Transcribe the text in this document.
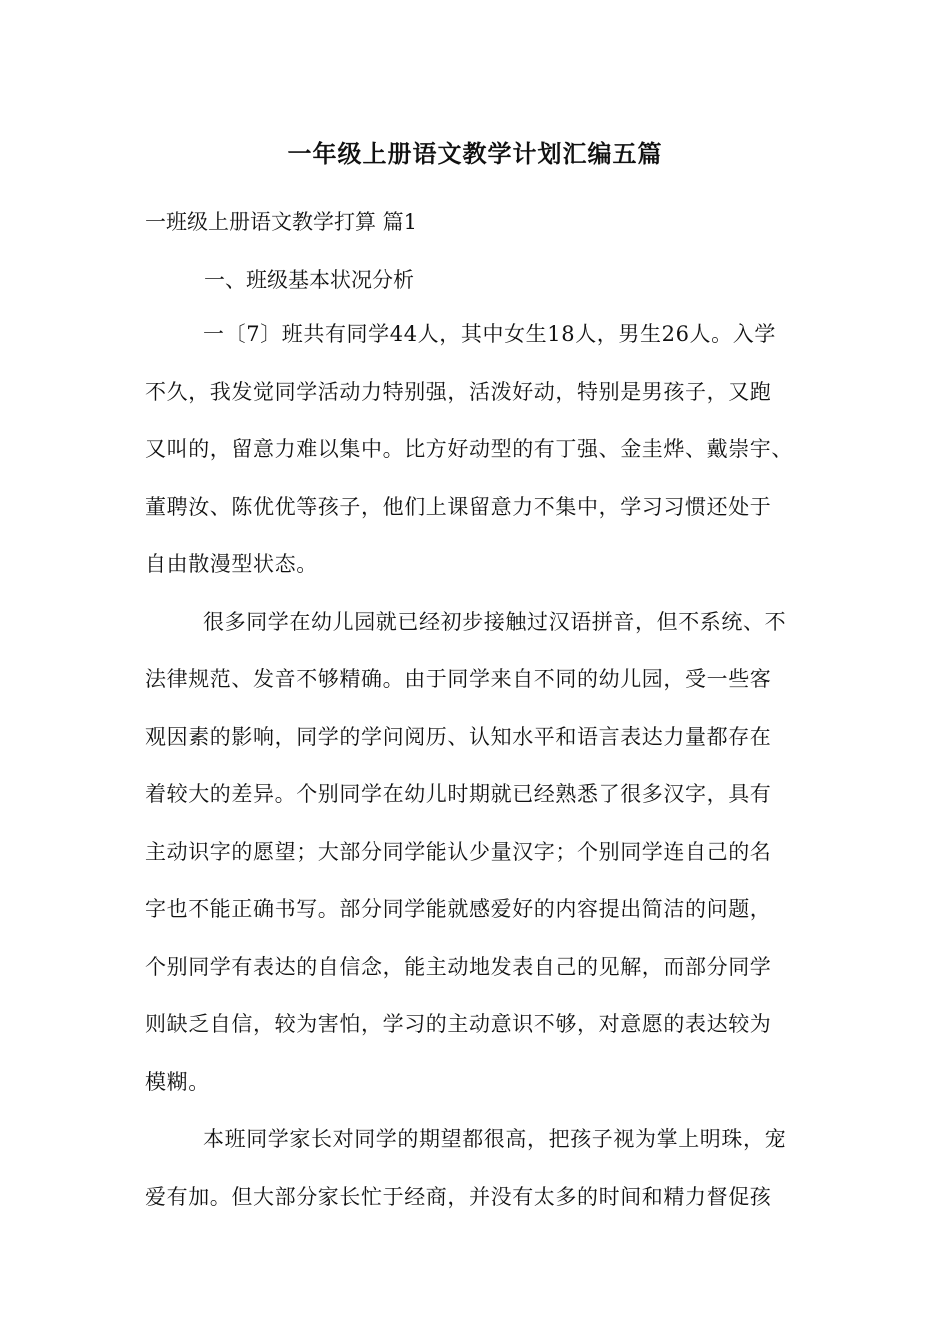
一年级上册语文教学计划汇编五篇
一班级上册语文教学打算 篇1
一、班级基本状况分析
一〔7〕班共有同学44人，其中女生18人，男生26人。入学
不久，我发觉同学活动力特别强，活泼好动，特别是男孩子，又跑
又叫的，留意力难以集中。比方好动型的有丁强、金圭烨、戴崇宇、
董聘汝、陈优优等孩子，他们上课留意力不集中，学习习惯还处于
自由散漫型状态。
很多同学在幼儿园就已经初步接触过汉语拼音，但不系统、不
法律规范、发音不够精确。由于同学来自不同的幼儿园，受一些客
观因素的影响，同学的学问阅历、认知水平和语言表达力量都存在
着较大的差异。个别同学在幼儿时期就已经熟悉了很多汉字，具有
主动识字的愿望；大部分同学能认少量汉字；个别同学连自己的名
字也不能正确书写。部分同学能就感爱好的内容提出简洁的问题，
个别同学有表达的自信念，能主动地发表自己的见解，而部分同学
则缺乏自信，较为害怕，学习的主动意识不够，对意愿的表达较为
模糊。
本班同学家长对同学的期望都很高，把孩子视为掌上明珠，宠
爱有加。但大部分家长忙于经商，并没有太多的时间和精力督促孩
